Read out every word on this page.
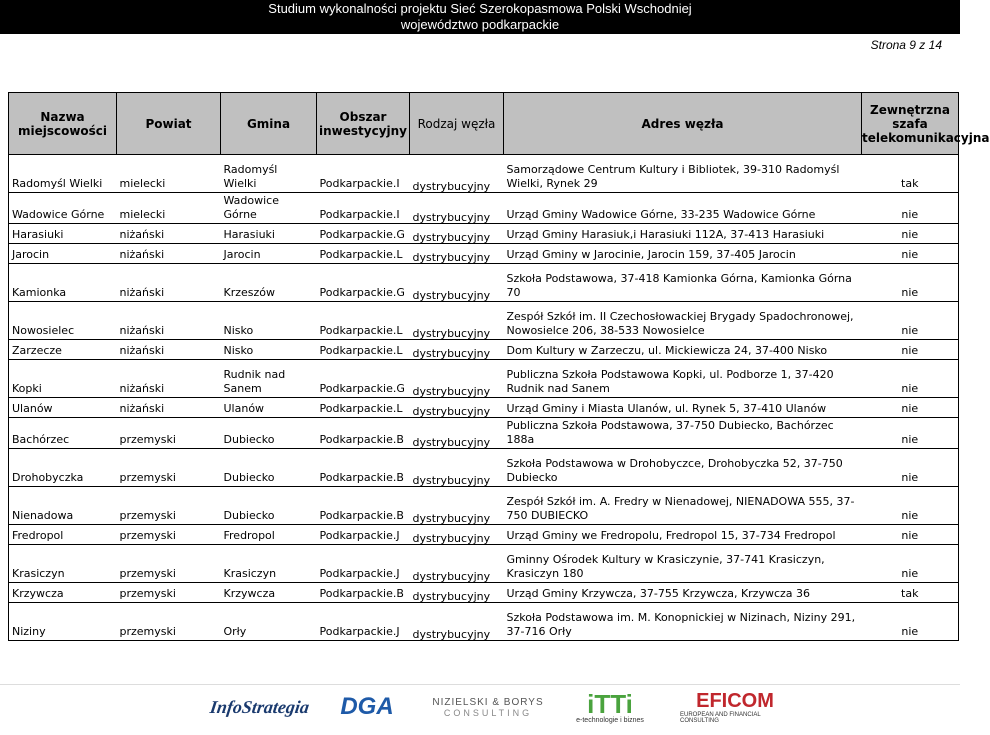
Studium wykonalności projektu Sieć Szerokopasmowa Polski Wschodniej
województwo podkarpackie
Strona 9 z 14
Nazwa miejscowości	Powiat	Gmina	Obszar inwestycyjny	Rodzaj węzła	Adres węzła	Zewnętrzna szafa telekomunikacyjna
Radomyśl Wielki	mielecki	Radomyśl Wielki	Podkarpackie.I	dystrybucyjny	Samorządowe Centrum Kultury i Bibliotek, 39-310 Radomyśl Wielki, Rynek 29	tak
Wadowice Górne	mielecki	Wadowice Górne	Podkarpackie.I	dystrybucyjny	Urząd Gminy Wadowice Górne, 33-235 Wadowice Górne	nie
Harasiuki	niżański	Harasiuki	Podkarpackie.G	dystrybucyjny	Urząd Gminy Harasiuk,i Harasiuki 112A, 37-413 Harasiuki	nie
Jarocin	niżański	Jarocin	Podkarpackie.L	dystrybucyjny	Urząd Gminy w Jarocinie, Jarocin 159, 37-405 Jarocin	nie
Kamionka	niżański	Krzeszów	Podkarpackie.G	dystrybucyjny	Szkoła Podstawowa, 37-418 Kamionka Górna, Kamionka Górna 70	nie
Nowosielec	niżański	Nisko	Podkarpackie.L	dystrybucyjny	Zespół Szkół im. II Czechosłowackiej Brygady Spadochronowej, Nowosielce 206, 38-533 Nowosielce	nie
Zarzecze	niżański	Nisko	Podkarpackie.L	dystrybucyjny	Dom Kultury w Zarzeczu, ul. Mickiewicza 24, 37-400 Nisko	nie
Kopki	niżański	Rudnik nad Sanem	Podkarpackie.G	dystrybucyjny	Publiczna Szkoła Podstawowa Kopki, ul. Podborze 1, 37-420 Rudnik nad Sanem	nie
Ulanów	niżański	Ulanów	Podkarpackie.L	dystrybucyjny	Urząd Gminy i Miasta Ulanów, ul. Rynek 5, 37-410 Ulanów	nie
Bachórzec	przemyski	Dubiecko	Podkarpackie.B	dystrybucyjny	Publiczna Szkoła Podstawowa, 37-750 Dubiecko, Bachórzec 188a	nie
Drohobyczka	przemyski	Dubiecko	Podkarpackie.B	dystrybucyjny	Szkoła Podstawowa w Drohobyczce, Drohobyczka 52, 37-750 Dubiecko	nie
Nienadowa	przemyski	Dubiecko	Podkarpackie.B	dystrybucyjny	Zespół Szkół im. A. Fredry w Nienadowej, NIENADOWA 555, 37-750 DUBIECKO	nie
Fredropol	przemyski	Fredropol	Podkarpackie.J	dystrybucyjny	Urząd Gminy we Fredropolu, Fredropol 15, 37-734 Fredropol	nie
Krasiczyn	przemyski	Krasiczyn	Podkarpackie.J	dystrybucyjny	Gminny Ośrodek Kultury w Krasiczynie, 37-741 Krasiczyn, Krasiczyn 180	nie
Krzywcza	przemyski	Krzywcza	Podkarpackie.B	dystrybucyjny	Urząd Gminy Krzywcza, 37-755 Krzywcza, Krzywcza 36	tak
Niziny	przemyski	Orły	Podkarpackie.J	dystrybucyjny	Szkoła Podstawowa im. M. Konopnickiej w Nizinach, Niziny 291, 37-716 Orły	nie
InfoStrategia DGA	NIZIELSKI & BORYS
CONSULTING iTTi
e-technologie i biznes
EFICOM
EUROPEAN AND FINANCIAL CONSULTING
